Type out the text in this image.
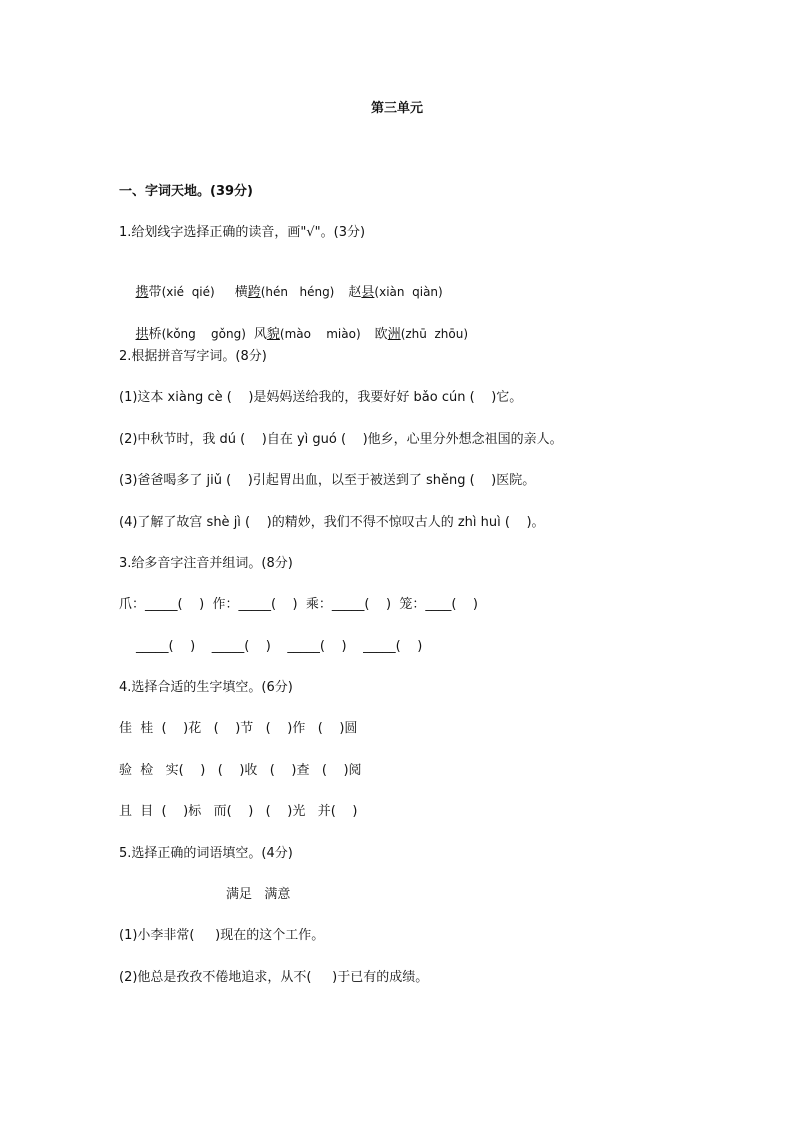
第三单元
一、字词天地。(39分)
1.给划线字选择正确的读音，画"√"。(3分)

携带(xié  qié) 横跨(hén   héng) 赵县(xiàn  qiàn)

拱桥(kǒng    gǒng) 风貌(mào    miào) 欧洲(zhū  zhōu)

2.根据拼音写字词。(8分)
(1)这本 xiàng cè (    )是妈妈送给我的，我要好好 bǎo cún (    )它。
(2)中秋节时，我 dú (    )自在 yì guó (    )他乡，心里分外想念祖国的亲人。
(3)爸爸喝多了 jiǔ (    )引起胃出血，以至于被送到了 shěng (    )医院。
(4)了解了故宫 shè jì (    )的精妙，我们不得不惊叹古人的 zhì huì (    )。
3.给多音字注音并组词。(8分)
爪：_____(    )  作：_____(    )  乘：_____(    )  笼：____(    )
_____(    )    _____(    )    _____(    )    _____(    )
4.选择合适的生字填空。(6分)
佳  桂  (    )花   (    )节   (    )作   (    )圆
验  检   实(    )   (    )收   (    )查   (    )阅
且  目  (    )标   而(    )   (    )光   并(    )
5.选择正确的词语填空。(4分)
满足   满意
(1)小李非常(     )现在的这个工作。
(2)他总是孜孜不倦地追求，从不(     )于已有的成绩。
